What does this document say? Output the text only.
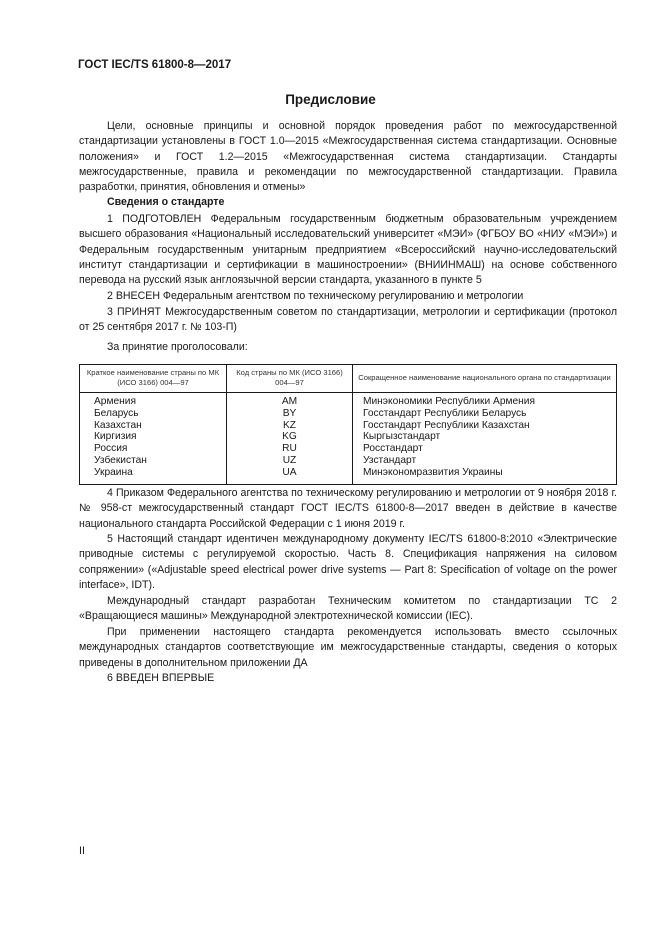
ГОСТ IEC/TS 61800-8—2017
Предисловие

Цели, основные принципы и основной порядок проведения работ по межгосударственной стандартизации установлены в ГОСТ 1.0—2015 «Межгосударственная система стандартизации. Основные положения» и ГОСТ 1.2—2015 «Межгосударственная система стандартизации. Стандарты межгосударственные, правила и рекомендации по межгосударственной стандартизации. Правила разработки, принятия, обновления и отмены»

Сведения о стандарте

1 ПОДГОТОВЛЕН Федеральным государственным бюджетным образовательным учреждением высшего образования «Национальный исследовательский университет «МЭИ» (ФГБОУ ВО «НИУ «МЭИ») и Федеральным государственным унитарным предприятием «Всероссийский научно-исследовательский институт стандартизации и сертификации в машиностроении» (ВНИИНМАШ) на основе собственного перевода на русский язык англоязычной версии стандарта, указанного в пункте 5

2 ВНЕСЕН Федеральным агентством по техническому регулированию и метрологии

3 ПРИНЯТ Межгосударственным советом по стандартизации, метрологии и сертификации (протокол от 25 сентября 2017 г. № 103-П)

За принятие проголосовали:

Краткое наименование страны по МК (ИСО 3166) 004—97	Код страны по МК (ИСО 3166) 004—97	Сокращенное наименование национального органа по стандартизации
Армения	AM	Минэкономики Республики Армения
Беларусь	BY	Госстандарт Республики Беларусь
Казахстан	KZ	Госстандарт Республики Казахстан
Киргизия	KG	Кыргызстандарт
Россия	RU	Росстандарт
Узбекистан	UZ	Узстандарт
Украина	UA	Минэкономразвития Украины

4 Приказом Федерального агентства по техническому регулированию и метрологии от 9 ноября 2018 г. № 958-ст межгосударственный стандарт ГОСТ IEC/TS 61800-8—2017 введен в действие в качестве национального стандарта Российской Федерации с 1 июня 2019 г.

5 Настоящий стандарт идентичен международному документу IEC/TS 61800-8:2010 «Электрические приводные системы с регулируемой скоростью. Часть 8. Спецификация напряжения на силовом сопряжении» («Adjustable speed electrical power drive systems — Part 8: Specification of voltage on the power interface», IDT).

Международный стандарт разработан Техническим комитетом по стандартизации ТС 2 «Вращающиеся машины» Международной электротехнической комиссии (IEC).

При применении настоящего стандарта рекомендуется использовать вместо ссылочных международных стандартов соответствующие им межгосударственные стандарты, сведения о которых приведены в дополнительном приложении ДА

6 ВВЕДЕН ВПЕРВЫЕ

II
